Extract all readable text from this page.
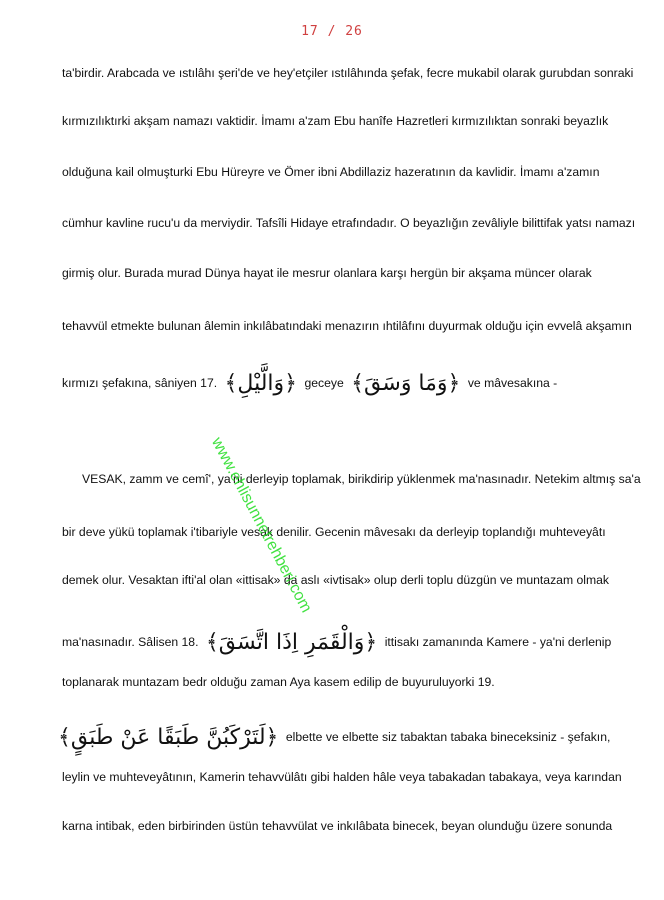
17 / 26
ta'birdir. Arabcada ve ıstılâhı şeri'de ve hey'etçiler ıstılâhında şefak, fecre mukabil olarak gurubdan sonraki
kırmızılıktırki akşam namazı vaktidir. İmamı a'zam Ebu hanîfe Hazretleri kırmızılıktan sonraki beyazlık
olduğuna kail olmuşturki Ebu Hüreyre ve Ömer ibni Abdillaziz hazeratının da kavlidir. İmamı a'zamın
cümhur kavline rucu'u da merviydir. Tafsîli Hidaye etrafındadır. O beyazlığın zevâliyle bilittifak yatsı namazı
girmiş olur. Burada murad Dünya hayat ile mesrur olanlara karşı hergün bir akşama müncer olarak
tehavvül etmekte bulunan âlemin inkılâbatındaki menazırın ıhtilâfını duyurmak olduğu için evvelâ akşamın
kırmızı şefakına, sâniyen 17. ﴿وَالَّيْلِ﴾ geceye ﴿وَمَا وَسَقَ﴾ ve mâvesakına -
VESAK, zamm ve cemî', ya'ni derleyip toplamak, birikdirip yüklenmek ma'nasınadır. Netekim altmış sa'a
bir deve yükü toplamak i'tibariyle vesak denilir. Gecenin mâvesakı da derleyip toplandığı muhteveyâtı
demek olur. Vesaktan ifti'al olan «ittisak» da aslı «ivtisak» olup derli toplu düzgün ve muntazam olmak
ma'nasınadır. Sâlisen 18. ﴿وَالْقَمَرِ اِذَا اتَّسَقَ﴾ ittisakı zamanında Kamere - ya'ni derlenip
toplanarak muntazam bedr olduğu zaman Aya kasem edilip de buyuruluyorki 19.
﴿لَتَرْكَبُنَّ طَبَقًا عَنْ طَبَقٍ﴾ elbette ve elbette siz tabaktan tabaka bineceksiniz - şefakın,
leylin ve muhteveyâtının, Kamerin tehavvülâtı gibi halden hâle veya tabakadan tabakaya, veya karından
karna intibak, eden birbirinden üstün tehavvülat ve inkılâbata binecek, beyan olunduğu üzere sonunda
www.ehlisunnetrehberi.com
